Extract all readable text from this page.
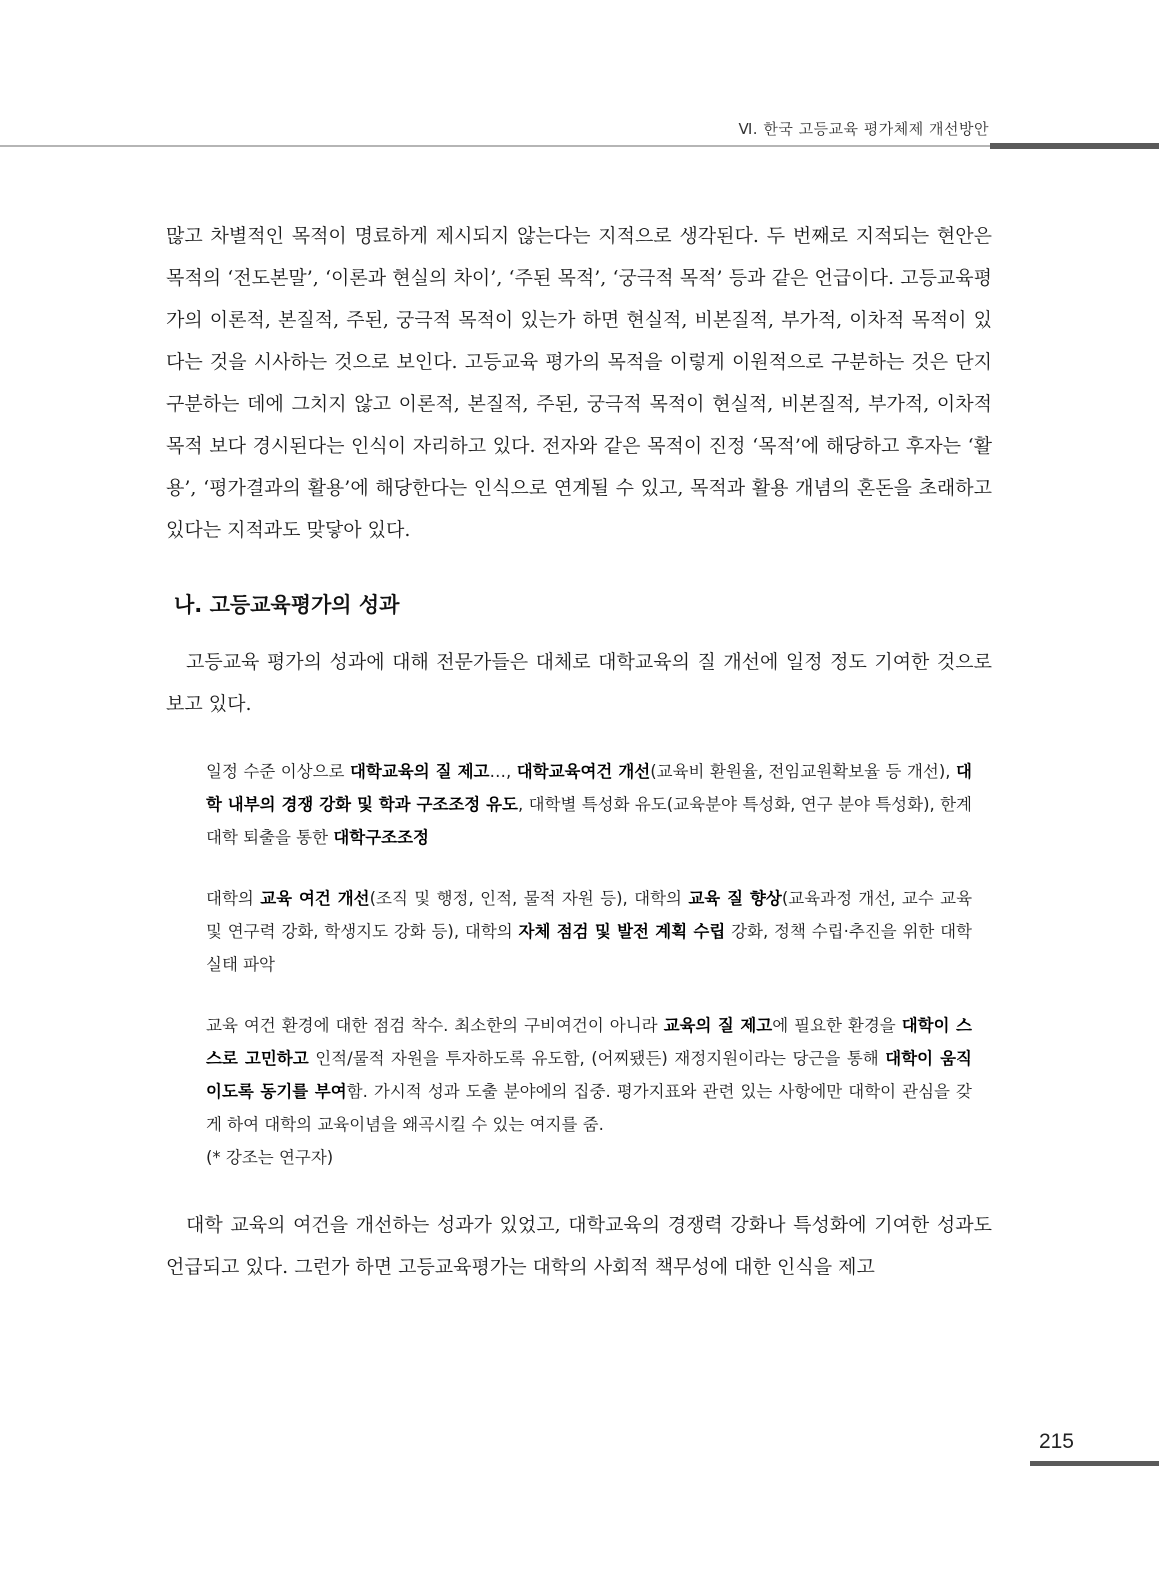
Ⅵ. 한국 고등교육 평가체제 개선방안

많고 차별적인 목적이 명료하게 제시되지 않는다는 지적으로 생각된다. 두 번째로 지적되는 현안은 목적의 ‘전도본말’, ‘이론과 현실의 차이’, ‘주된 목적’, ‘궁극적 목적’ 등과 같은 언급이다. 고등교육평가의 이론적, 본질적, 주된, 궁극적 목적이 있는가 하면 현실적, 비본질적, 부가적, 이차적 목적이 있다는 것을 시사하는 것으로 보인다. 고등교육 평가의 목적을 이렇게 이원적으로 구분하는 것은 단지 구분하는 데에 그치지 않고 이론적, 본질적, 주된, 궁극적 목적이 현실적, 비본질적, 부가적, 이차적 목적 보다 경시된다는 인식이 자리하고 있다. 전자와 같은 목적이 진정 ‘목적’에 해당하고 후자는 ‘활용’, ‘평가결과의 활용’에 해당한다는 인식으로 연계될 수 있고, 목적과 활용 개념의 혼돈을 초래하고 있다는 지적과도 맞닿아 있다.

나. 고등교육평가의 성과

고등교육 평가의 성과에 대해 전문가들은 대체로 대학교육의 질 개선에 일정 정도 기여한 것으로 보고 있다.

일정 수준 이상으로 대학교육의 질 제고…, 대학교육여건 개선(교육비 환원율, 전임교원확보율 등 개선), 대학 내부의 경쟁 강화 및 학과 구조조정 유도, 대학별 특성화 유도(교육분야 특성화, 연구 분야 특성화), 한계 대학 퇴출을 통한 대학구조조정
대학의 교육 여건 개선(조직 및 행정, 인적, 물적 자원 등), 대학의 교육 질 향상(교육과정 개선, 교수 교육 및 연구력 강화, 학생지도 강화 등), 대학의 자체 점검 및 발전 계획 수립 강화, 정책 수립·추진을 위한 대학 실태 파악
교육 여건 환경에 대한 점검 착수. 최소한의 구비여건이 아니라 교육의 질 제고에 필요한 환경을 대학이 스스로 고민하고 인적/물적 자원을 투자하도록 유도함, (어찌됐든) 재정지원이라는 당근을 통해 대학이 움직이도록 동기를 부여함. 가시적 성과 도출 분야에의 집중. 평가지표와 관련 있는 사항에만 대학이 관심을 갖게 하여 대학의 교육이념을 왜곡시킬 수 있는 여지를 줌.
(* 강조는 연구자)

대학 교육의 여건을 개선하는 성과가 있었고, 대학교육의 경쟁력 강화나 특성화에 기여한 성과도 언급되고 있다. 그런가 하면 고등교육평가는 대학의 사회적 책무성에 대한 인식을 제고

215
